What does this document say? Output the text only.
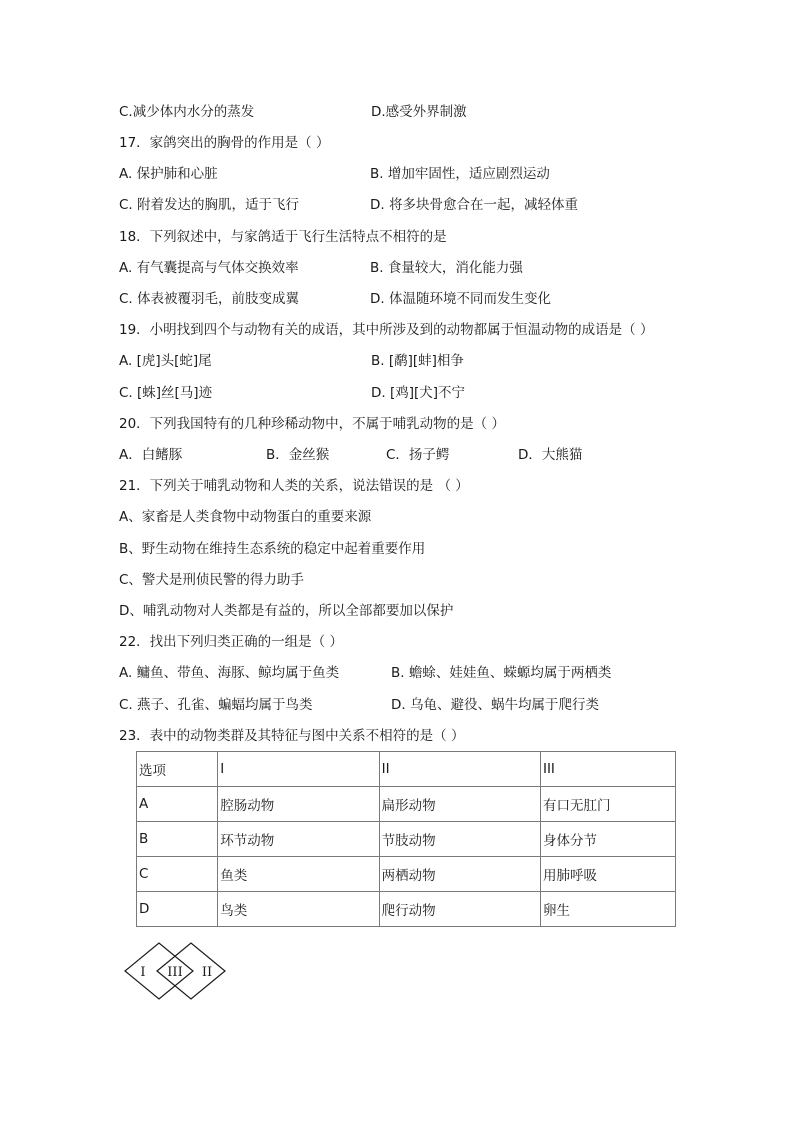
C.减少体内水分的蒸发	D.感受外界制激
17．家鸽突出的胸骨的作用是（ ）
A. 保护肺和心脏	B. 增加牢固性，适应剧烈运动
C. 附着发达的胸肌，适于飞行	D. 将多块骨愈合在一起，减轻体重
18．下列叙述中，与家鸽适于飞行生活特点不相符的是
A. 有气囊提高与气体交换效率	B. 食量较大，消化能力强
C. 体表被覆羽毛，前肢变成翼	D. 体温随环境不同而发生变化
19．小明找到四个与动物有关的成语，其中所涉及到的动物都属于恒温动物的成语是（ ）
A. [虎]头[蛇]尾	B. [鹬][蚌]相争
C. [蛛]丝[马]迹	D. [鸡][犬]不宁
20．下列我国特有的几种珍稀动物中，不属于哺乳动物的是（ ）
A．白鳍豚	B．金丝猴	C．扬子鳄	D．大熊猫
21．下列关于哺乳动物和人类的关系，说法错误的是 （ ）
A、家畜是人类食物中动物蛋白的重要来源
B、野生动物在维持生态系统的稳定中起着重要作用
C、警犬是刑侦民警的得力助手
D、哺乳动物对人类都是有益的，所以全部都要加以保护
22．找出下列归类正确的一组是（ ）
A. 鳙鱼、带鱼、海豚、鲸均属于鱼类	B. 蟾蜍、娃娃鱼、蝾螈均属于两栖类
C. 燕子、孔雀、蝙蝠均属于鸟类	D. 乌龟、避役、蜗牛均属于爬行类
23．表中的动物类群及其特征与图中关系不相符的是（ ）
选项	I	II	III
A	腔肠动物	扁形动物	有口无肛门
B	环节动物	节肢动物	身体分节
C	鱼类	两栖动物	用肺呼吸
D	鸟类	爬行动物	卵生
I III II
